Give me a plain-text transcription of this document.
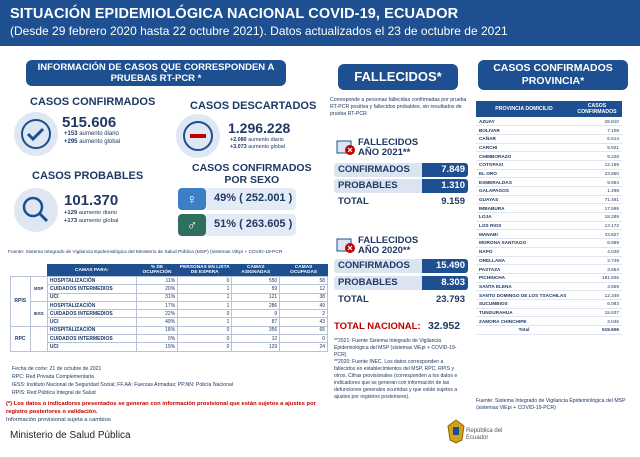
SITUACIÓN EPIDEMIOLÓGICA NACIONAL COVID-19, ECUADOR
(Desde 29 febrero 2020 hasta 22 octubre 2021). Datos actualizados el 23 de octubre de 2021
INFORMACIÓN DE CASOS QUE CORRESPONDEN A
PRUEBAS RT-PCR *
CASOS CONFIRMADOS
515.606
+153 aumento diario
+295 aumento global
CASOS DESCARTADOS
1.296.228
+2.080 aumento diario
+3.073 aumento global
CASOS PROBABLES
101.370
+129 aumento diario
+173 aumento global
CASOS CONFIRMADOS
POR SEXO
♀	49% ( 252.001 )
♂	51% ( 263.605 )
Fuente: Sistema Integrado de Vigilancia Epidemiológica del Ministerio de Salud Pública (MSP) (sistemas ViEpi + COVID-19-PCR
		CAMAS PARA:	% DE OCUPACIÓN	PERSONAS EN LISTA DE ESPERA	CAMAS ASIGNADAS	CAMAS OCUPADAS
RPIS	MSP	HOSPITALIZACIÓN	11%	0	550	58
		CUIDADOS INTERMEDIOS	20%	1	59	12
		UCI	31%	1	121	38
	IESS	HOSPITALIZACIÓN	17%	1	286	49
		CUIDADOS INTERMEDIOS	22%	0	9	2
		UCI	49%	1	87	43
RPC		HOSPITALIZACIÓN	18%	0	356	65
		CUIDADOS INTERMEDIOS	0%	0	12	0
		UCI	19%	0	129	24
Fecha de corte: 21 de octubre de 2021
RPC: Red Privada Complementaria
IESS: Instituto Nacional de Seguridad Social; FF.AA: Fuerzas Armadas; PP.NN: Policía Nacional
RPIS: Red Pública Integral de Salud
(*) Los datos o indicadores presentados se generan con información provisional que están sujetos a ajustes por registro posteriores o validación.
Información provisional sujeta a cambios
Ministerio de Salud Pública
FALLECIDOS*
Corresponde a personas fallecidas confirmadas por prueba RT-PCR positiva y fallecidos probables, sin resultados de prueba RT-PCR
FALLECIDOS
AÑO 2021**
CONFIRMADOS	7.849
PROBABLES	1.310
TOTAL	9.159
FALLECIDOS
AÑO 2020**
CONFIRMADOS	15.490
PROBABLES	8.303
TOTAL	23.793
TOTAL NACIONAL: 32.952
**2021: Fuente Sistema Integrado de Vigilancia Epidemiológica del MSP (sistemas ViEpi + COVID-19-PCR)
**2020: Fuente INEC. Los datos corresponden a fallecidos en establecimientos del MSP, RPC, RPIS y otros. Cifras provisionales (corresponden a los datos e indicadores que se generan con información de las defunciones generales ocurridas y que están sujetos a ajustes por registros posteriores).
CASOS CONFIRMADOS
PROVINCIA*
PROVINCIA DOMICILIO	CASOS CONFIRMADOS
AZUAY	28.810
BOLIVAR	7.108
CAÑAR	6.614
CARCHI	9.921
CHIMBORAZO	9.228
COTOPAXI	12.199
EL ORO	23.850
ESMERALDAS	9.884
GALAPAGOS	1.498
GUAYAS	71.461
IMBABURA	17.595
LOJA	18.289
LOS RIOS	13.172
MANABI	33.827
MORONA SANTIAGO	6.889
NAPO	4.028
ORELLANA	3.749
PASTAZA	3.654
PICHINCHA	191.826
SANTA ELENA	4.569
SANTO DOMINGO DE LOS TSACHILAS	12.349
SUCUMBIOS	6.083
TUNGURAHUA	15.937
ZAMORA CHINCHIPE	3.046
Total	515.606
Fuente: Sistema Integrado de Vigilancia Epidemiológica del MSP (sistemas ViEpi + COVID-19-PCR)
República del Ecuador
